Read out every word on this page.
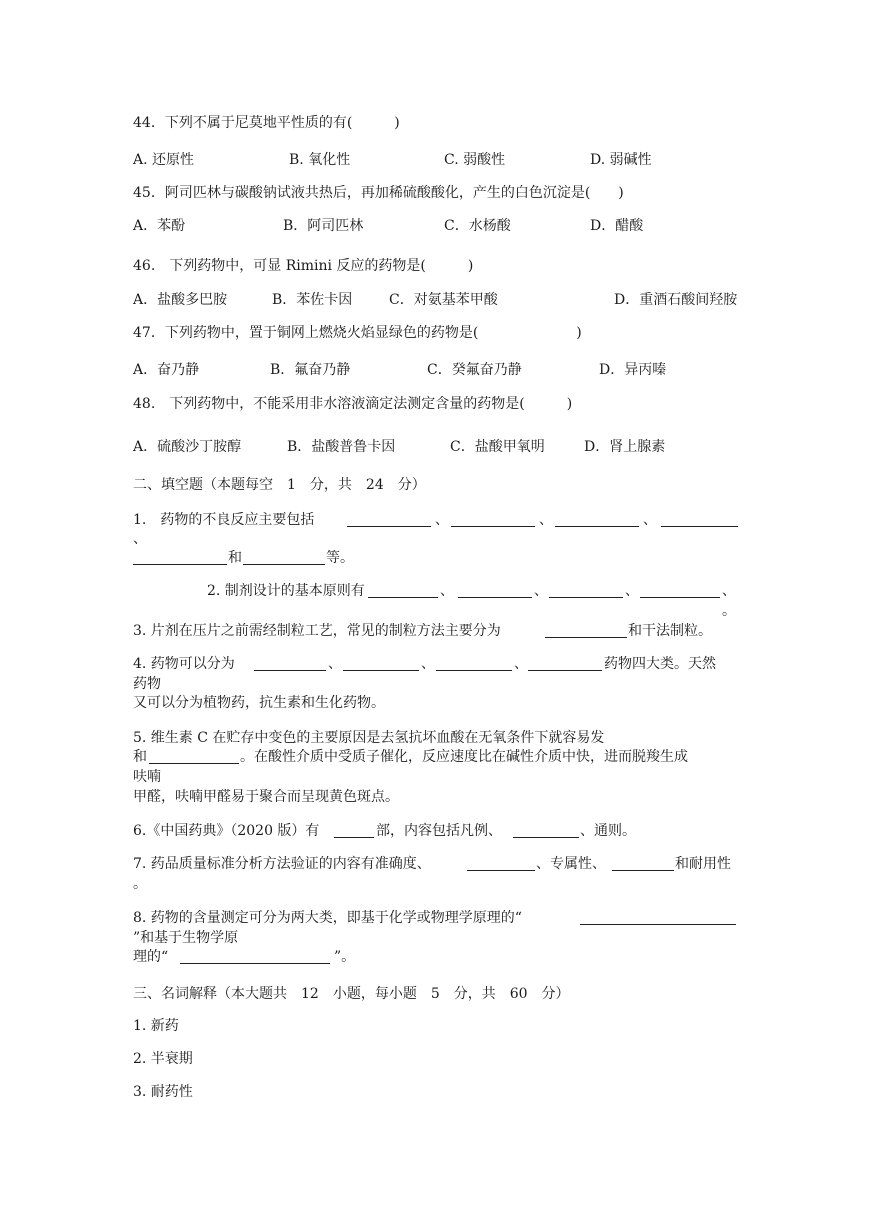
44．下列不属于尼莫地平性质的有(　　　)
A. 还原性	B. 氧化性	C. 弱酸性	D. 弱碱性
45．阿司匹林与碳酸钠试液共热后，再加稀硫酸酸化，产生的白色沉淀是(　　)
A．苯酚	B．阿司匹林	C．水杨酸	D．醋酸
46.　下列药物中，可显 Rimini 反应的药物是(　　　)
A．盐酸多巴胺	B．苯佐卡因	C．对氨基苯甲酸	D．重酒石酸间羟胺
47．下列药物中，置于铜网上燃烧火焰显绿色的药物是(　　　　　　　)
A．奋乃静	B．氟奋乃静	C．癸氟奋乃静	D．异丙嗪
48.　下列药物中，不能采用非水溶液滴定法测定含量的药物是(　　　)
A．硫酸沙丁胺醇	B．盐酸普鲁卡因	C．盐酸甲氧明	D．肾上腺素
二、填空题（本题每空　1　分，共　24　分）
1.　药物的不良反应主要包括	、	、	、
、
和	等。
2. 制剂设计的基本原则有	、	、	、	、
。
3. 片剂在压片之前需经制粒工艺，常见的制粒方法主要分为	和干法制粒。
4. 药物可以分为	、	、	、	药物四大类。天然
药物
又可以分为植物药，抗生素和生化药物。
5. 维生素 C 在贮存中变色的主要原因是去氢抗坏血酸在无氧条件下就容易发
和	。在酸性介质中受质子催化，反应速度比在碱性介质中快，进而脱羧生成
呋喃
甲醛，呋喃甲醛易于聚合而呈现黄色斑点。
6.《中国药典》（2020 版）有	部，内容包括凡例、	、通则。
7. 药品质量标准分析方法验证的内容有准确度、	、专属性、	和耐用性
。
8. 药物的含量测定可分为两大类，即基于化学或物理学原理的“
”和基于生物学原
理的“	”。
三、名词解释（本大题共　12　小题，每小题　5　分，共　60　分）
1. 新药
2. 半衰期
3. 耐药性
